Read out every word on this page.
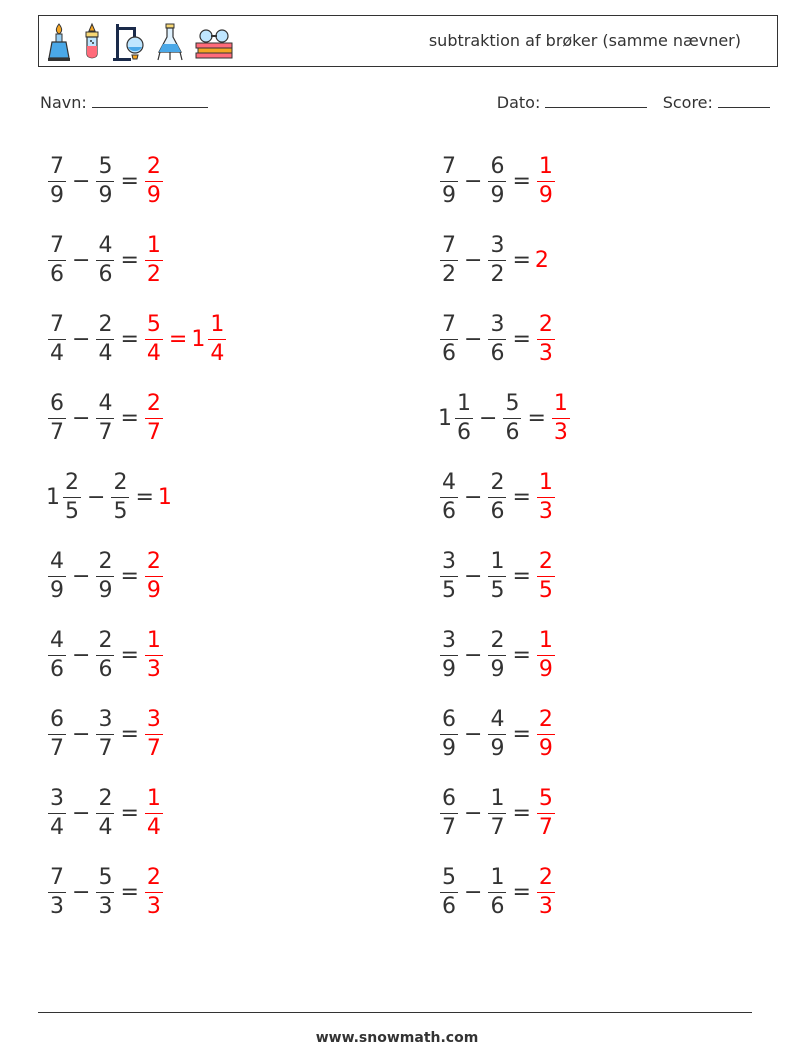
subtraktion af brøker (samme nævner)
Navn:	Dato:	Score:
$\frac{7}{9} - \frac{5}{9} = \frac{2}{9}$
$\frac{7}{6} - \frac{4}{6} = \frac{1}{2}$
$\frac{7}{4} - \frac{2}{4} = \frac{5}{4} = 1 \frac{1}{4}$
$\frac{6}{7} - \frac{4}{7} = \frac{2}{7}$
$1 \frac{2}{5} - \frac{2}{5} = 1$
$\frac{4}{9} - \frac{2}{9} = \frac{2}{9}$
$\frac{4}{6} - \frac{2}{6} = \frac{1}{3}$
$\frac{6}{7} - \frac{3}{7} = \frac{3}{7}$
$\frac{3}{4} - \frac{2}{4} = \frac{1}{4}$
$\frac{7}{3} - \frac{5}{3} = \frac{2}{3}$
$\frac{7}{9} - \frac{6}{9} = \frac{1}{9}$
$\frac{7}{2} - \frac{3}{2} = 2$
$\frac{7}{6} - \frac{3}{6} = \frac{2}{3}$
$1 \frac{1}{6} - \frac{5}{6} = \frac{1}{3}$
$\frac{4}{6} - \frac{2}{6} = \frac{1}{3}$
$\frac{3}{5} - \frac{1}{5} = \frac{2}{5}$
$\frac{3}{9} - \frac{2}{9} = \frac{1}{9}$
$\frac{6}{9} - \frac{4}{9} = \frac{2}{9}$
$\frac{6}{7} - \frac{1}{7} = \frac{5}{7}$
$\frac{5}{6} - \frac{1}{6} = \frac{2}{3}$
www.snowmath.com
